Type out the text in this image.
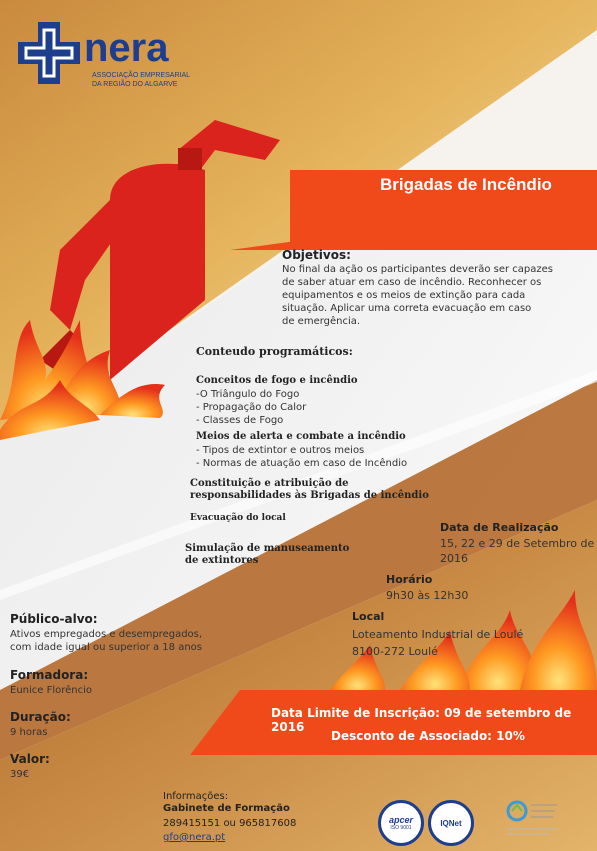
nera
ASSOCIAÇÃO EMPRESARIAL
DA REGIÃO DO ALGARVE
Brigadas de Incêndio
Objetivos:
No final da ação os participantes deverão ser capazes
de saber atuar em caso de incêndio. Reconhecer os
equipamentos e os meios de extinção para cada
situação. Aplicar uma correta evacuação em caso
de emergência.
Conteudo programáticos:
Conceitos de fogo e incêndio
-O Triângulo do Fogo
- Propagação do Calor
- Classes de Fogo
Meios de alerta e combate a incêndio
- Tipos de extintor e outros meios
- Normas de atuação em caso de Incêndio
Constituição e atribuição de
responsabilidades às Brigadas de incêndio
Evacuação do local
Simulação de manuseamento
de extintores
Data de Realização
15, 22 e 29 de Setembro de
2016
Horário
9h30 às 12h30
Local
Loteamento Industrial de Loulé
8100-272 Loulé
Público-alvo:
Ativos empregados e desempregados,
com idade igual ou superior a 18 anos
Formadora:
Eunice Florêncio
Duração:
9 horas
Valor:
39€
Data Limite de Inscrição: 09 de setembro de 2016
Desconto de Associado: 10%
Informações:
Gabinete de Formação
289415151 ou 965817608
gfo@nera.pt
apcer
ISO 9001
IQNet
